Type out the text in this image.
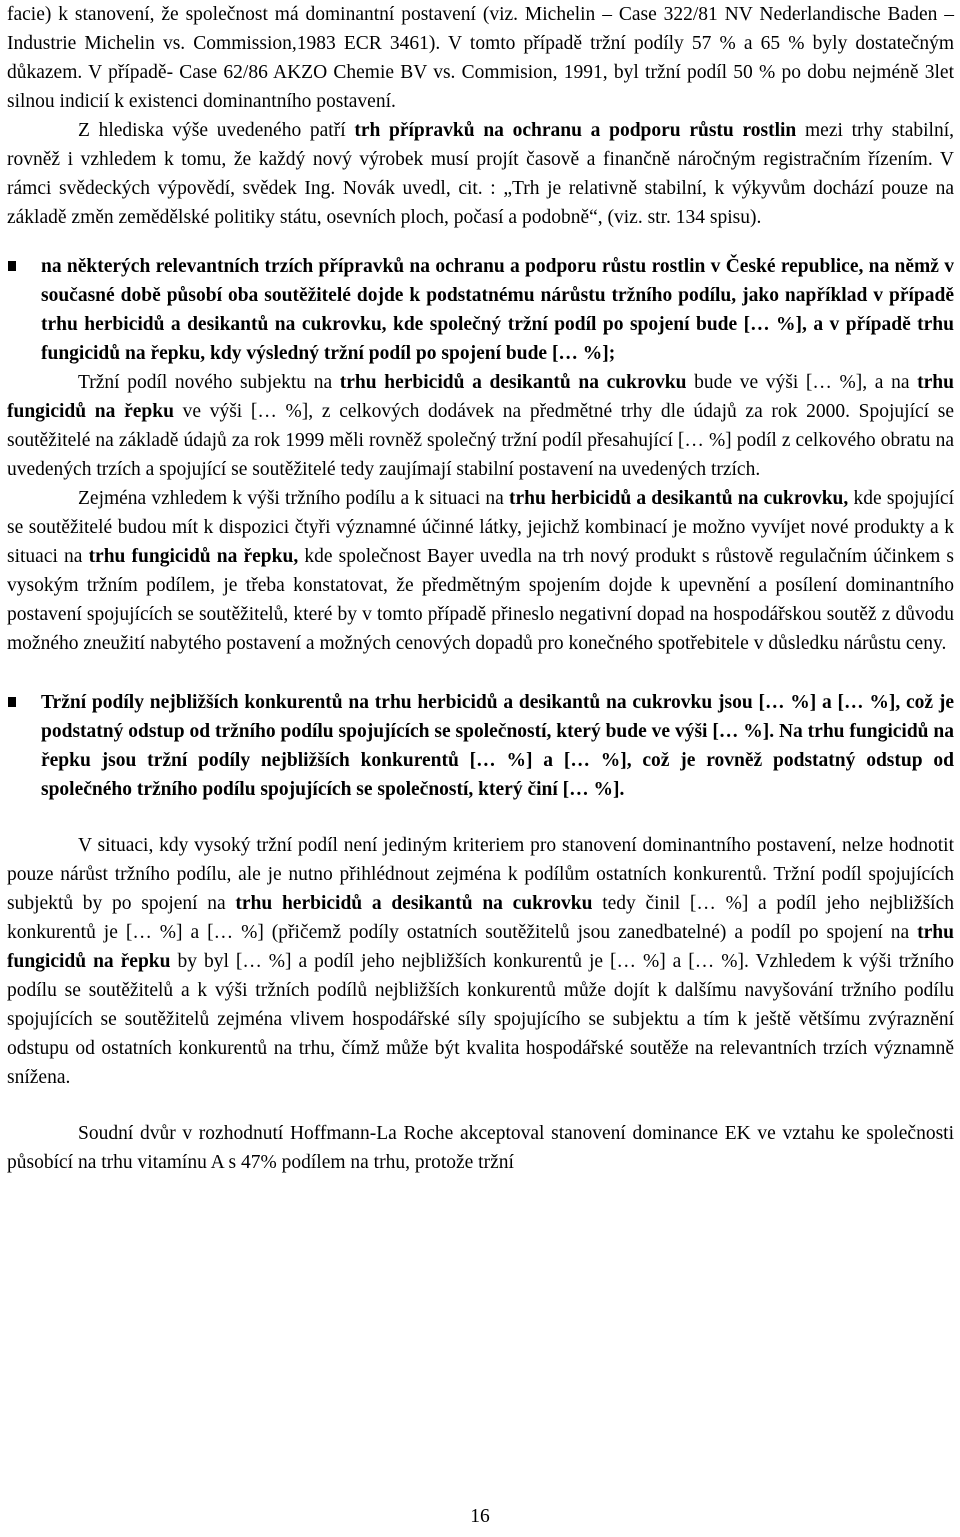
facie) k stanovení, že společnost má dominantní postavení (viz. Michelin – Case 322/81 NV Nederlandische Baden – Industrie Michelin vs. Commission,1983 ECR 3461). V tomto případě tržní podíly 57 % a 65 % byly dostatečným důkazem. V případě- Case 62/86 AKZO Chemie BV vs. Commision, 1991, byl tržní podíl 50 % po dobu nejméně 3let silnou indicií k existenci dominantního postavení.

Z hlediska výše uvedeného patří trh přípravků na ochranu a podporu růstu rostlin mezi trhy stabilní, rovněž i vzhledem k tomu, že každý nový výrobek musí projít časově a finančně náročným registračním řízením. V rámci svědeckých výpovědí, svědek Ing. Novák uvedl, cit. : „Trh je relativně stabilní, k výkyvům dochází pouze na základě změn zemědělské politiky státu, osevních ploch, počasí a podobně“, (viz. str. 134 spisu).

na některých relevantních trzích přípravků na ochranu a podporu růstu rostlin v České republice, na němž v současné době působí oba soutěžitelé dojde k podstatnému nárůstu tržního podílu, jako například v případě trhu herbicidů a desikantů na cukrovku, kde společný tržní podíl po spojení bude [… %], a v případě trhu fungicidů na řepku, kdy výsledný tržní podíl po spojení bude [… %];

Tržní podíl nového subjektu na trhu herbicidů a desikantů na cukrovku bude ve výši [… %], a na trhu fungicidů na řepku ve výši [… %], z celkových dodávek na předmětné trhy dle údajů za rok 2000. Spojující se soutěžitelé na základě údajů za rok 1999 měli rovněž společný tržní podíl přesahující [… %] podíl z celkového obratu na uvedených trzích a spojující se soutěžitelé tedy zaujímají stabilní postavení na uvedených trzích.

Zejména vzhledem k výši tržního podílu a k situaci na trhu herbicidů a desikantů na cukrovku, kde spojující se soutěžitelé budou mít k dispozici čtyři významné účinné látky, jejichž kombinací je možno vyvíjet nové produkty a k situaci na trhu fungicidů na řepku, kde společnost Bayer uvedla na trh nový produkt s růstově regulačním účinkem s vysokým tržním podílem, je třeba konstatovat, že předmětným spojením dojde k upevnění a posílení dominantního postavení spojujících se soutěžitelů, které by v tomto případě přineslo negativní dopad na hospodářskou soutěž z důvodu možného zneužití nabytého postavení a možných cenových dopadů pro konečného spotřebitele v důsledku nárůstu ceny.

Tržní podíly nejbližších konkurentů na trhu herbicidů a desikantů na cukrovku jsou [… %] a [… %], což je podstatný odstup od tržního podílu spojujících se společností, který bude ve výši [… %]. Na trhu fungicidů na řepku jsou tržní podíly nejbližších konkurentů [… %] a [… %], což je rovněž podstatný odstup od společného tržního podílu spojujících se společností, který činí [… %].

V situaci, kdy vysoký tržní podíl není jediným kriteriem pro stanovení dominantního postavení, nelze hodnotit pouze nárůst tržního podílu, ale je nutno přihlédnout zejména k podílům ostatních konkurentů. Tržní podíl spojujících subjektů by po spojení na trhu herbicidů a desikantů na cukrovku tedy činil [… %] a podíl jeho nejbližších konkurentů je [… %] a [… %] (přičemž podíly ostatních soutěžitelů jsou zanedbatelné) a podíl po spojení na trhu fungicidů na řepku by byl [… %] a podíl jeho nejbližších konkurentů je [… %] a [… %]. Vzhledem k výši tržního podílu se soutěžitelů a k výši tržních podílů nejbližších konkurentů může dojít k dalšímu navyšování tržního podílu spojujících se soutěžitelů zejména vlivem hospodářské síly spojujícího se subjektu a tím k ještě většímu zvýraznění odstupu od ostatních konkurentů na trhu, čímž může být kvalita hospodářské soutěže na relevantních trzích významně snížena.

Soudní dvůr v rozhodnutí Hoffmann-La Roche akceptoval stanovení dominance EK ve vztahu ke společnosti působící na trhu vitamínu A s 47% podílem na trhu, protože tržní

16
